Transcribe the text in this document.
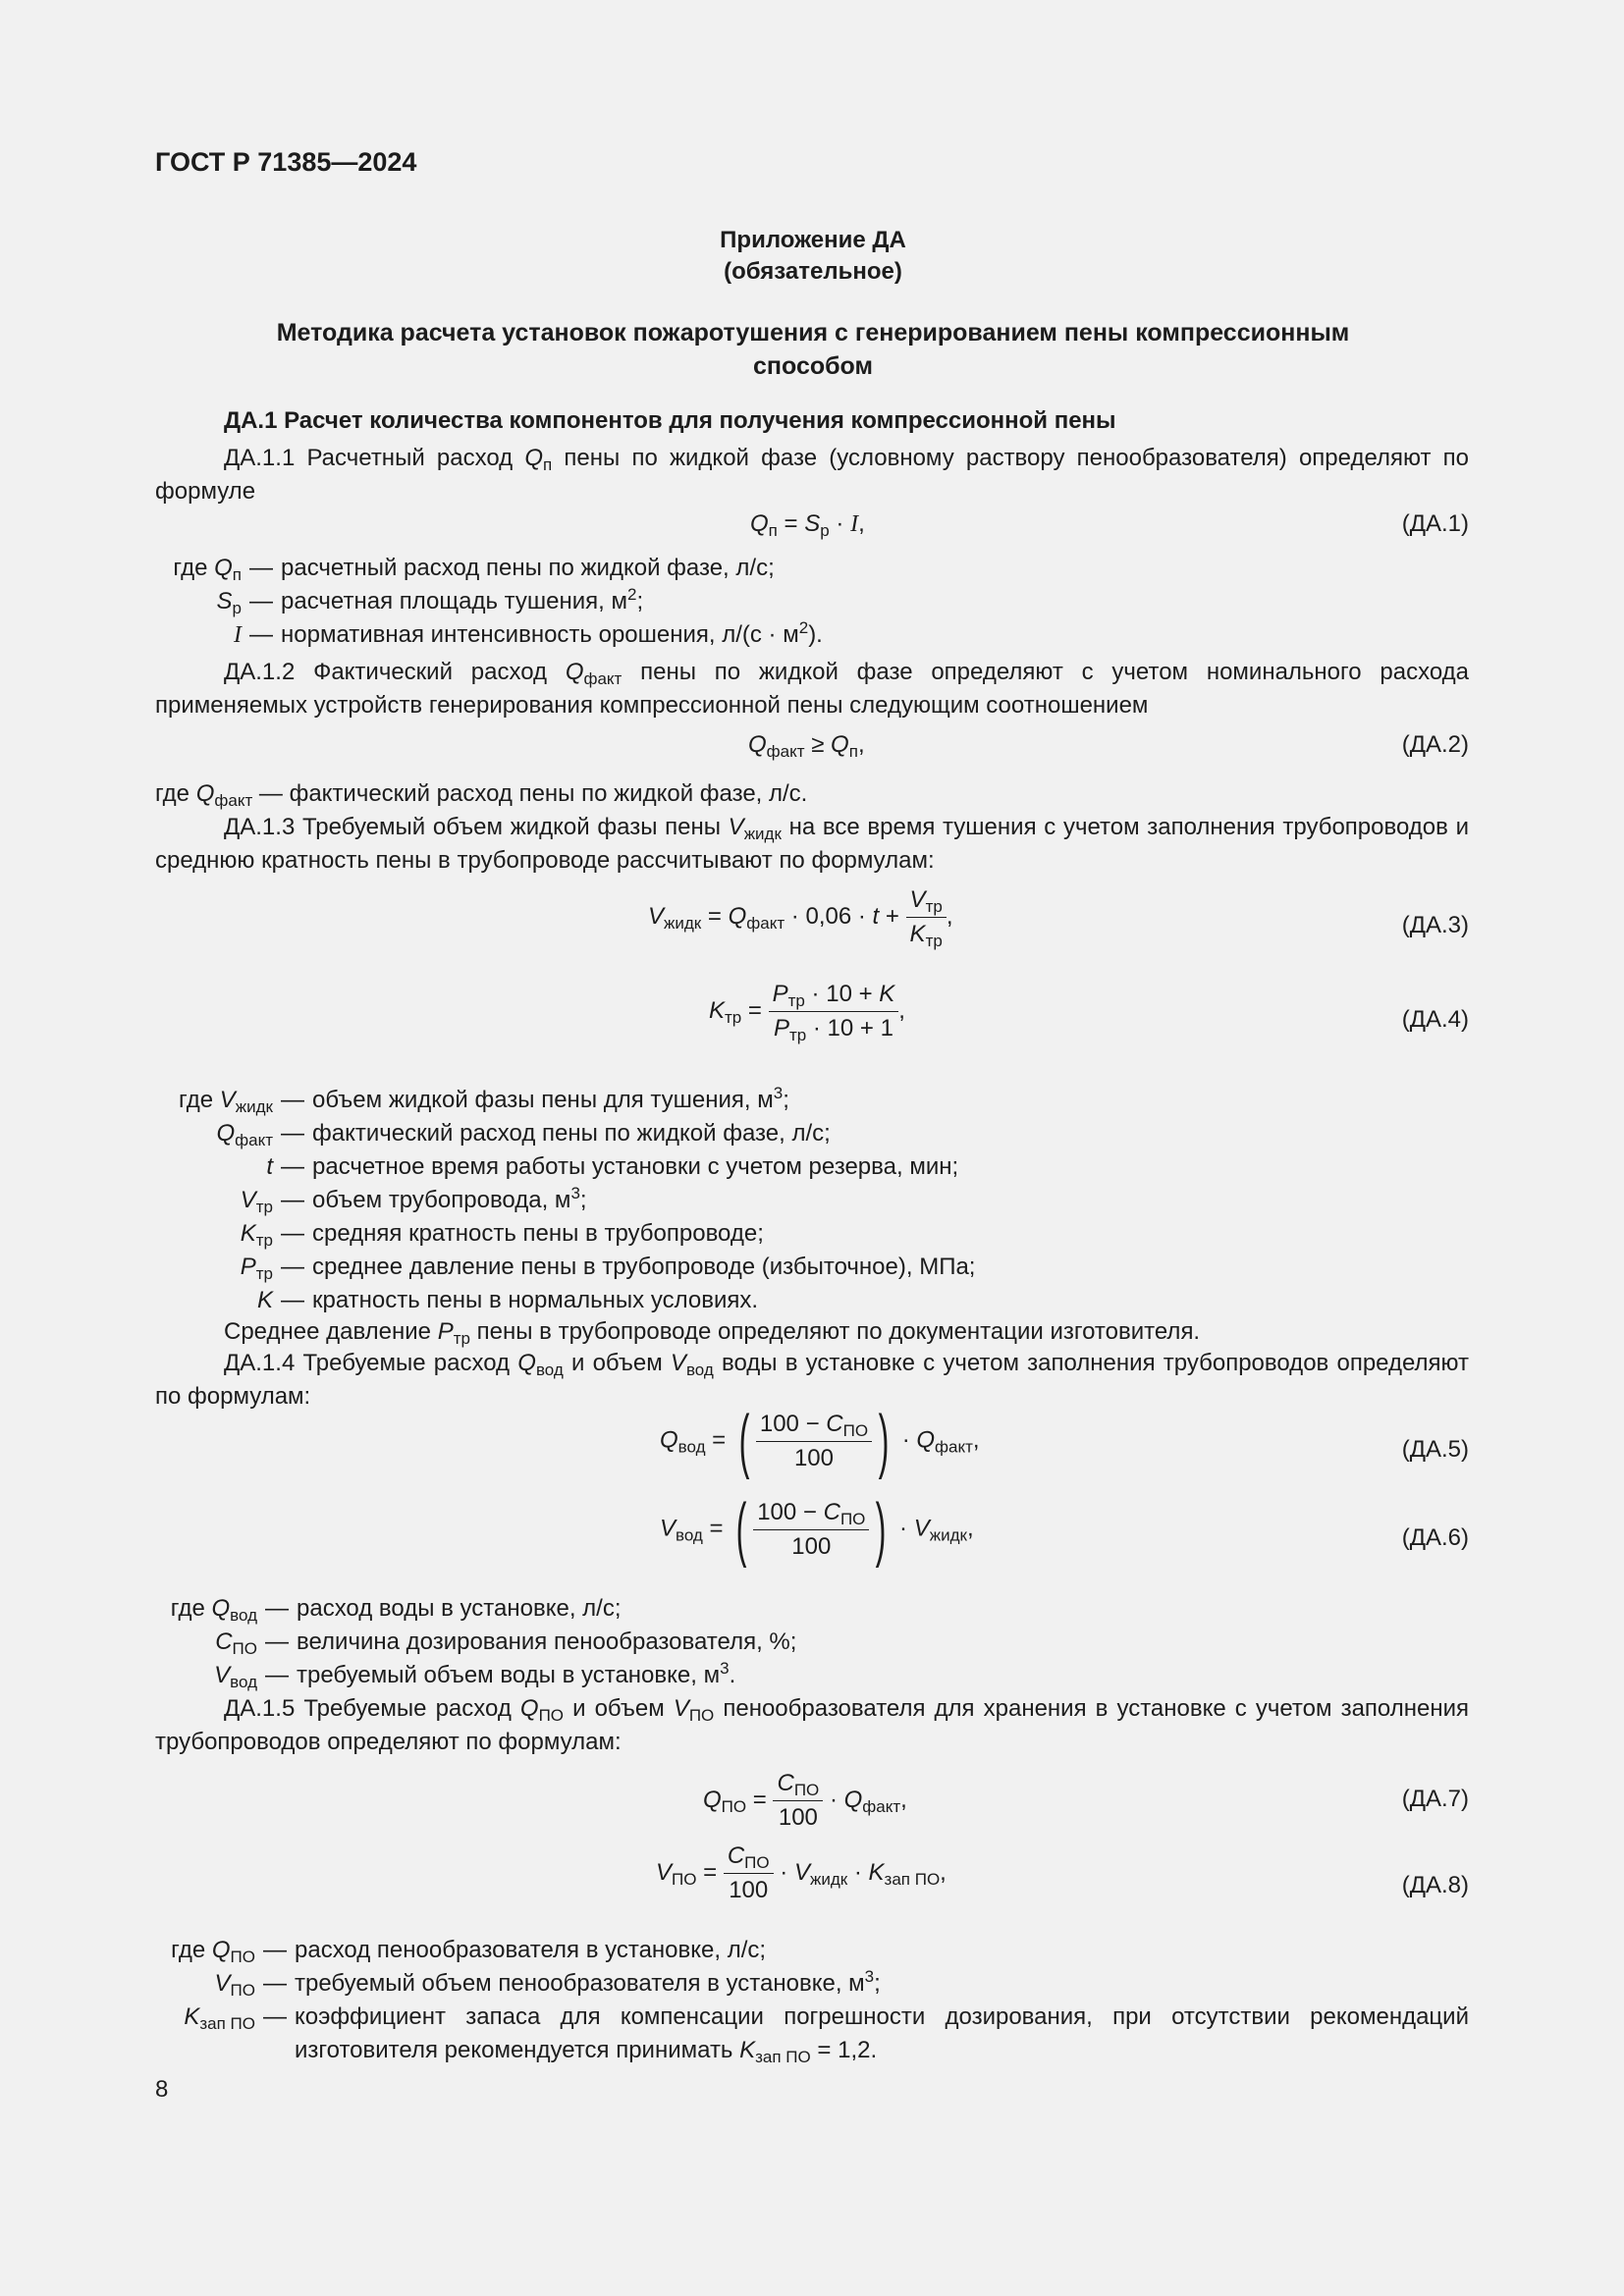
ГОСТ Р 71385—2024
Приложение ДА
(обязательное)
Методика расчета установок пожаротушения с генерированием пены компрессионным
способом
ДА.1 Расчет количества компонентов для получения компрессионной пены
ДА.1.1 Расчетный расход $Q_п$ пены по жидкой фазе (условному раствору пенообразователя) определяют по формуле
$Q_п = S_р \cdot I$,	(ДА.1)
где $Q_п$ — расчетный расход пены по жидкой фазе, л/с;
$S_р$ — расчетная площадь тушения, $м^2$;
I — нормативная интенсивность орошения, $л/(с \cdot м^2)$.
ДА.1.2 Фактический расход $Q_{факт}$ пены по жидкой фазе определяют с учетом номинального расхода применяемых устройств генерирования компрессионной пены следующим соотношением
$Q_{факт} \ge Q_п$,	(ДА.2)
где $Q_{факт}$ — фактический расход пены по жидкой фазе, л/с.
ДА.1.3 Требуемый объем жидкой фазы пены $V_{жидк}$ на все время тушения с учетом заполнения трубопроводов и среднюю кратность пены в трубопроводе рассчитывают по формулам:
$V_{жидк} = Q_{факт} \cdot 0,06 \cdot t + \frac{V_{тр}}{K_{тр}}$ ,	(ДА.3)
$K_{тр} = \frac{P_{тр} \cdot 10 + K}{P_{тр} \cdot 10 + 1}$ ,	(ДА.4)
где $V_{жидк}$ — объем жидкой фазы пены для тушения, $м^3$;
$Q_{факт}$ — фактический расход пены по жидкой фазе, л/с;
t — расчетное время работы установки с учетом резерва, мин;
$V_{тр}$ — объем трубопровода, $м^3$;
$K_{тр}$ — средняя кратность пены в трубопроводе;
$P_{тр}$ — среднее давление пены в трубопроводе (избыточное), МПа;
K — кратность пены в нормальных условиях.
Среднее давление $P_{тр}$ пены в трубопроводе определяют по документации изготовителя.
ДА.1.4 Требуемые расход $Q_{вод}$ и объем $V_{вод}$ воды в установке с учетом заполнения трубопроводов определяют по формулам:
$Q_{вод}$ = ( $\frac{100 - C_{ПО}}{100}$ ) · $Q_{факт}$,	(ДА.5)
$V_{вод}$ = ( $\frac{100 - C_{ПО}}{100}$ ) · $V_{жидк}$,	(ДА.6)
где $Q_{вод}$ — расход воды в установке, л/с;
$C_{ПО}$ — величина дозирования пенообразователя, %;
$V_{вод}$ — требуемый объем воды в установке, $м^3$.
ДА.1.5 Требуемые расход $Q_{ПО}$ и объем $V_{ПО}$ пенообразователя для хранения в установке с учетом заполнения трубопроводов определяют по формулам:
$Q_{ПО} = \frac{C_{ПО}}{100} \cdot Q_{факт}$,	(ДА.7)
$V_{ПО} = \frac{C_{ПО}}{100} \cdot V_{жидк} \cdot K_{зап ПО}$,	(ДА.8)
где $Q_{ПО}$ — расход пенообразователя в установке, л/с;
$V_{ПО}$ — требуемый объем пенообразователя в установке, $м^3$;
$K_{зап ПО}$ — коэффициент запаса для компенсации погрешности дозирования, при отсутствии рекомендаций изготовителя рекомендуется принимать $K_{зап ПО} = 1,2$.
8
